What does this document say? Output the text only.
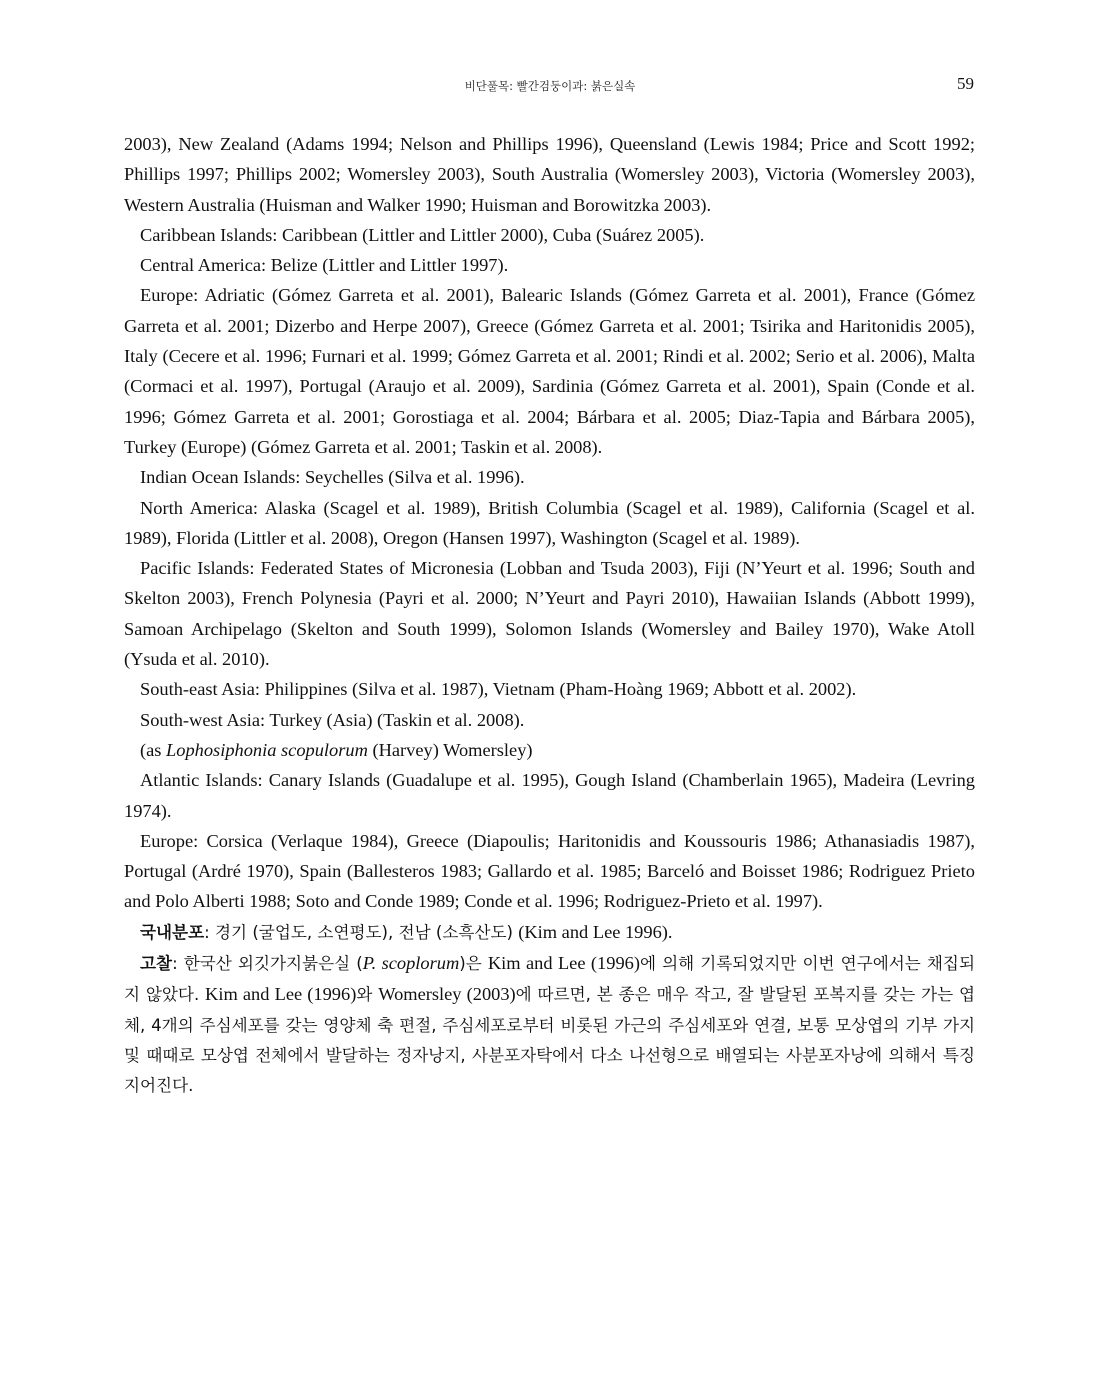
비단풀목: 빨간검둥이과: 붉은실속	59

2003), New Zealand (Adams 1994; Nelson and Phillips 1996), Queensland (Lewis 1984; Price and Scott 1992; Phillips 1997; Phillips 2002; Womersley 2003), South Australia (Womersley 2003), Victoria (Womersley 2003), Western Australia (Huisman and Walker 1990; Huisman and Borowitzka 2003).

Caribbean Islands: Caribbean (Littler and Littler 2000), Cuba (Suárez 2005).

Central America: Belize (Littler and Littler 1997).

Europe: Adriatic (Gómez Garreta et al. 2001), Balearic Islands (Gómez Garreta et al. 2001), France (Gómez Garreta et al. 2001; Dizerbo and Herpe 2007), Greece (Gómez Garreta et al. 2001; Tsirika and Haritonidis 2005), Italy (Cecere et al. 1996; Furnari et al. 1999; Gómez Garreta et al. 2001; Rindi et al. 2002; Serio et al. 2006), Malta (Cormaci et al. 1997), Portugal (Araujo et al. 2009), Sardinia (Gómez Garreta et al. 2001), Spain (Conde et al. 1996; Gómez Garreta et al. 2001; Gorostiaga et al. 2004; Bárbara et al. 2005; Diaz-Tapia and Bárbara 2005), Turkey (Europe) (Gómez Garreta et al. 2001; Taskin et al. 2008).

Indian Ocean Islands: Seychelles (Silva et al. 1996).

North America: Alaska (Scagel et al. 1989), British Columbia (Scagel et al. 1989), California (Scagel et al. 1989), Florida (Littler et al. 2008), Oregon (Hansen 1997), Washington (Scagel et al. 1989).

Pacific Islands: Federated States of Micronesia (Lobban and Tsuda 2003), Fiji (N’Yeurt et al. 1996; South and Skelton 2003), French Polynesia (Payri et al. 2000; N’Yeurt and Payri 2010), Hawaiian Islands (Abbott 1999), Samoan Archipelago (Skelton and South 1999), Solomon Islands (Womersley and Bailey 1970), Wake Atoll (Ysuda et al. 2010).

South-east Asia: Philippines (Silva et al. 1987), Vietnam (Pham-Hoàng 1969; Abbott et al. 2002).

South-west Asia: Turkey (Asia) (Taskin et al. 2008).

(as Lophosiphonia scopulorum (Harvey) Womersley)

Atlantic Islands: Canary Islands (Guadalupe et al. 1995), Gough Island (Chamberlain 1965), Madeira (Levring 1974).

Europe: Corsica (Verlaque 1984), Greece (Diapoulis; Haritonidis and Koussouris 1986; Athanasiadis 1987), Portugal (Ardré 1970), Spain (Ballesteros 1983; Gallardo et al. 1985; Barceló and Boisset 1986; Rodriguez Prieto and Polo Alberti 1988; Soto and Conde 1989; Conde et al. 1996; Rodriguez-Prieto et al. 1997).

국내분포: 경기 (굴업도, 소연평도), 전남 (소흑산도) (Kim and Lee 1996).

고찰: 한국산 외깃가지붉은실 (P. scoplorum)은 Kim and Lee (1996)에 의해 기록되었지만 이번 연구에서는 채집되지 않았다. Kim and Lee (1996)와 Womersley (2003)에 따르면, 본 종은 매우 작고, 잘 발달된 포복지를 갖는 가는 엽체, 4개의 주심세포를 갖는 영양체 축 편절, 주심세포로부터 비롯된 가근의 주심세포와 연결, 보통 모상엽의 기부 가지 및 때때로 모상엽 전체에서 발달하는 정자낭지, 사분포자탁에서 다소 나선형으로 배열되는 사분포자낭에 의해서 특징지어진다.
